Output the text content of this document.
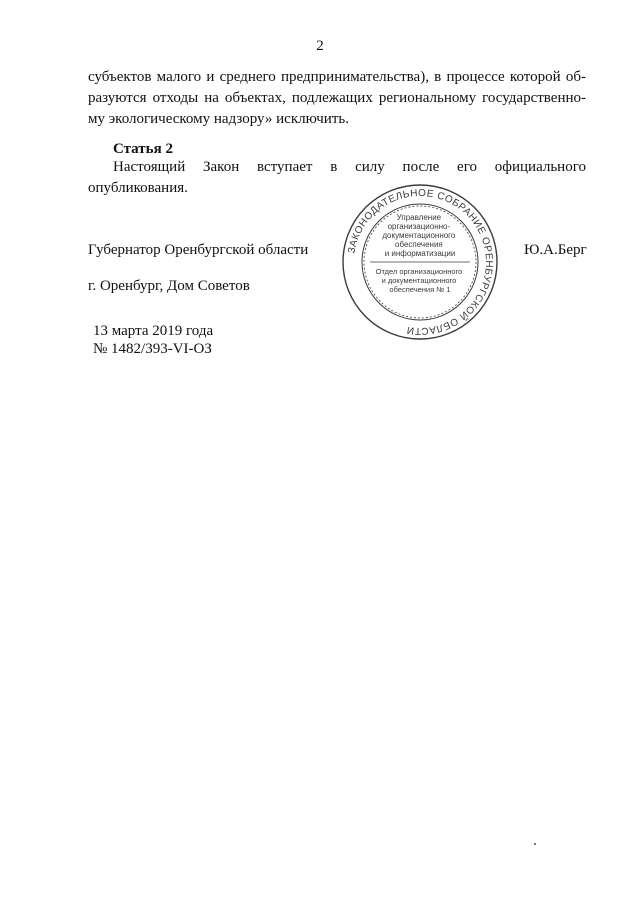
2

субъектов малого и среднего предпринимательства), в процессе которой об-
разуются отходы на объектах, подлежащих региональному государственно-
му экологическому надзору» исключить.

Статья 2

Настоящий Закон вступает в силу после его официального
опубликования.

Губернатор Оренбургской области	Ю.А.Берг
г. Оренбург, Дом Советов
13 марта 2019 года
№ 1482/393-VI-ОЗ
ЗАКОНОДАТЕЛЬНОЕ СОБРАНИЕ ОРЕНБУРГСКОЙ ОБЛАСТИ
Управление организационно- документационного обеспечения и информатизации
Отдел организационного и документационного обеспечения № 1
